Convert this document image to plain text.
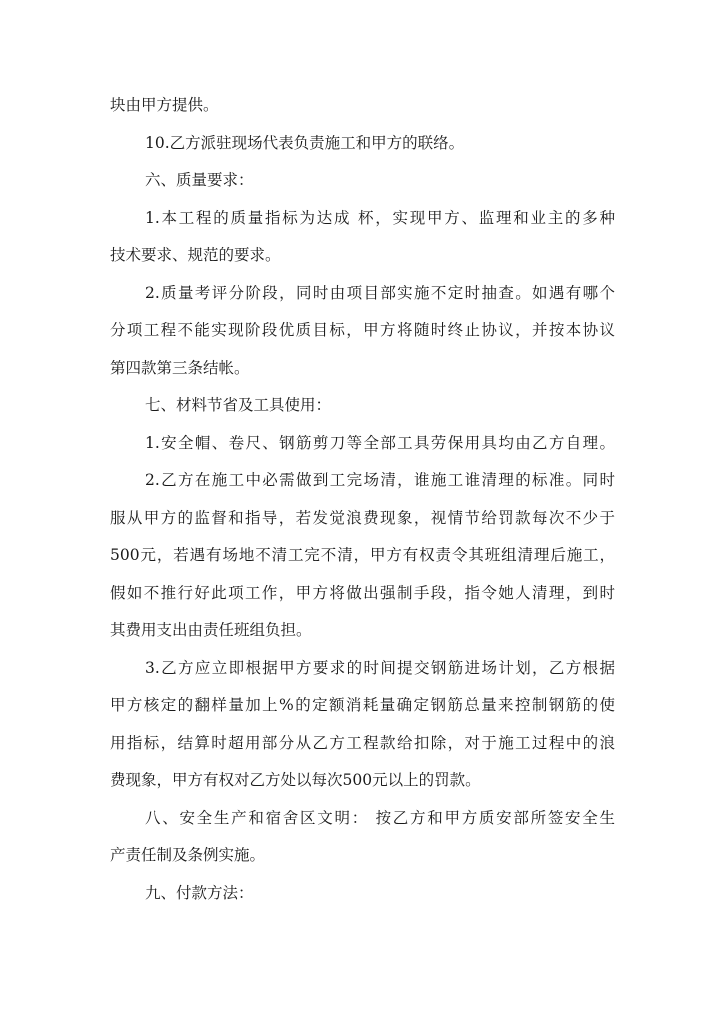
块由甲方提供。
10.乙方派驻现场代表负责施工和甲方的联络。
六、质量要求：
1.本工程的质量指标为达成 杯，实现甲方、监理和业主的多种
技术要求、规范的要求。
2.质量考评分阶段，同时由项目部实施不定时抽查。如遇有哪个
分项工程不能实现阶段优质目标，甲方将随时终止协议，并按本协议
第四款第三条结帐。
七、材料节省及工具使用：
1.安全帽、卷尺、钢筋剪刀等全部工具劳保用具均由乙方自理。
2.乙方在施工中必需做到工完场清，谁施工谁清理的标准。同时
服从甲方的监督和指导，若发觉浪费现象，视情节给罚款每次不少于
500元，若遇有场地不清工完不清，甲方有权责令其班组清理后施工，
假如不推行好此项工作，甲方将做出强制手段，指令她人清理，到时
其费用支出由责任班组负担。
3.乙方应立即根据甲方要求的时间提交钢筋进场计划，乙方根据
甲方核定的翻样量加上%的定额消耗量确定钢筋总量来控制钢筋的使
用指标，结算时超用部分从乙方工程款给扣除，对于施工过程中的浪
费现象，甲方有权对乙方处以每次500元以上的罚款。
八、安全生产和宿舍区文明： 按乙方和甲方质安部所签安全生
产责任制及条例实施。
九、付款方法：
